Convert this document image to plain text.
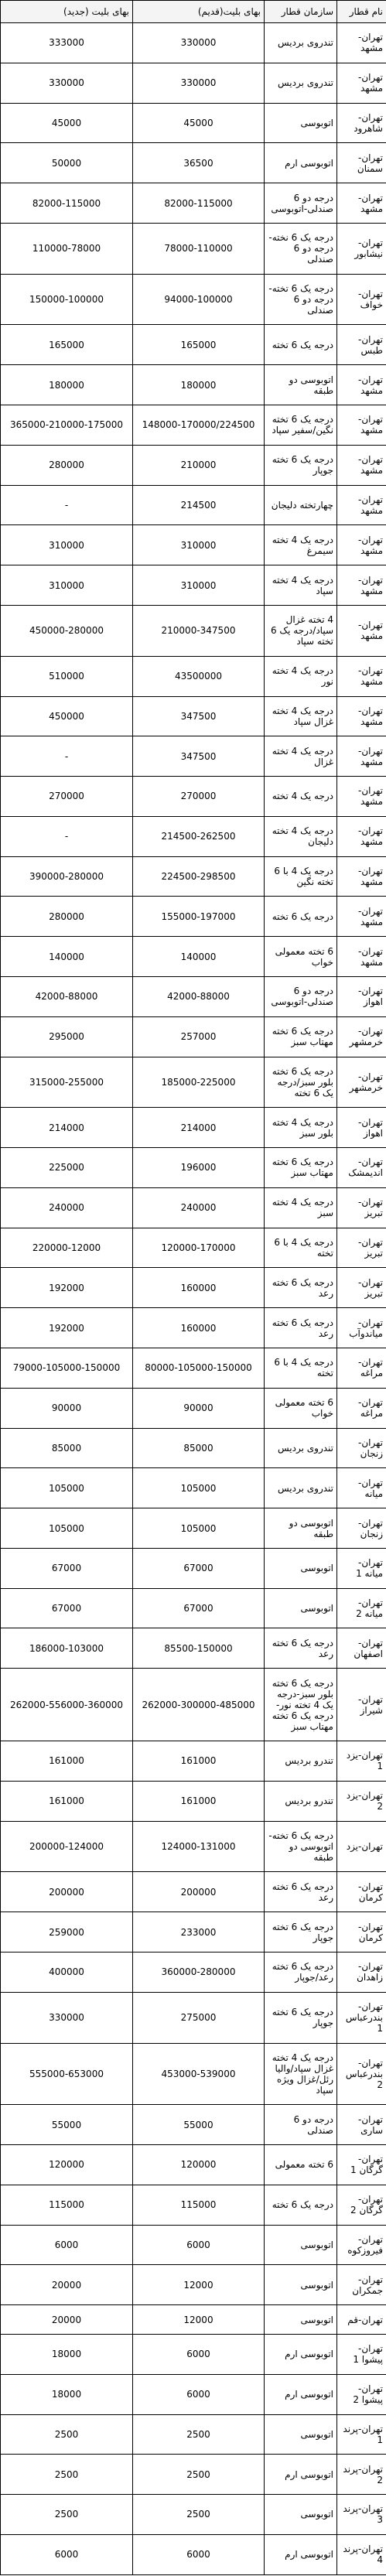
نام قطار	سازمان قطار	بهای بلیت(قدیم)	بهای بلیت (جدید)
تهران-مشهد	تندروی بردیس	330000	333000
تهران-مشهد	تندروی بردیس	330000	330000
تهران-شاهرود	اتوبوسی	45000	45000
تهران-سمنان	اتوبوسی ارم	36500	50000
تهران-مشهد	درجه دو 6 صندلی-اتوبوسی	82000-115000	82000-115000
تهران-نیشابور	درجه یک 6 نخته-درجه دو 6 صندلی	78000-110000	110000-78000
تهران-خواف	درجه یک 6 تخته-درجه دو 6 صندلی	94000-100000	150000-100000
تهران-طبس	درجه یک 6 تخته	165000	165000
تهران-مشهد	اتوبوسی دو طبقه	180000	180000
تهران-مشهد	درجه یک 6 تخته نگین/سفیر سپاد	148000-170000/224500	365000-210000-175000
تهران-مشهد	درجه یک 6 تخته جوپار	210000	280000
تهران-مشهد	چهارتخته دلیجان	214500	-
تهران-مشهد	درجه یک 4 تخته سیمرغ	310000	310000
تهران-مشهد	درجه یک 4 تخته سپاد	310000	310000
تهران-مشهد	4 تخته غزال سپاد/درجه یک 6 تخته سپاد	210000-347500	450000-280000
تهران-مشهد	درجه یک 4 تخته نور	43500000	510000
تهران-مشهد	درجه یک 4 تخته غزال سپاد	347500	450000
تهران-مشهد	درجه یک 4 تخته غزال	347500	-
تهران-مشهد	درجه یک 4 تخته	270000	270000
تهران-مشهد	درجه یک 4 تخته دلیجان	214500-262500	-
تهران-مشهد	درجه یک 4 با 6 تخته نگین	224500-298500	390000-280000
تهران-مشهد	درجه یک 6 تخته	155000-197000	280000
تهران-مشهد	6 تخته معمولی خواب	140000	140000
تهران-اهواز	درجه دو 6 صندلی-اتوبوسی	42000-88000	42000-88000
تهران-خرمشهر	درجه یک 6 تخته مهتاب سبز	257000	295000
تهران-خرمشهر	درجه یک 6 تخته بلور سبز/درجه یک 6 تخته	185000-225000	315000-255000
تهران-اهواز	درجه یک 4 تخته بلور سبز	214000	214000
تهران-اندیمشک	درجه یک 6 تخته مهتاب سبز	196000	225000
تهران-تبریز	درجه یک 4 تخته سبز	240000	240000
تهران-تبریز	درجه یک 4 با 6 تخته	120000-170000	220000-12000
تهران-تبریز	درجه یک 6 تخته رعد	160000	192000
تهران-میاندوآب	درجه یک 6 تخته رعد	160000	192000
تهران-مراغه	درجه یک 4 با 6 تخته	80000-105000-150000	79000-105000-150000
تهران-مراغه	6 تخته معمولی خواب	90000	90000
تهران-زنجان	تندروی بردیس	85000	85000
تهران-میانه	تندروی بردیس	105000	105000
تهران-زنجان	اتوبوسی دو طبقه	105000	105000
تهران-میانه 1	اتوبوسی	67000	67000
تهران-میانه 2	اتوبوسی	67000	67000
تهران-اصفهان	درجه یک 6 تخته رعد	85500-150000	186000-103000
تهران-شیراز	درجه یک 6 تخته بلور سبز-درجه یک 4 تخته نور- درجه یک 6 تخته مهتاب سبز	262000-300000-485000	262000-556000-360000
تهران-یزد 1	تندرو بردیس	161000	161000
تهران-یزد 2	تندرو بردیس	161000	161000
تهران-یزد	درجه یک 6 تخته-اتوبوسی دو طبقه	124000-131000	200000-124000
تهران-کرمان	درجه یک 6 تخته رعد	200000	200000
تهران-کرمان	درجه یک 6 تخته جوپار	233000	259000
تهران-زاهدان	درجه یک 6 تخته رعد/جوپار	360000-280000	400000
تهران-بندرعباس 1	درجه یک 6 تخته جوپار	275000	330000
تهران-بندرعباس 2	درجه یک 4 تخته غزال سپاد/والیا رئل/غزال ویژه سپاد	453000-539000	555000-653000
تهران-ساری	درجه دو 6 صندلی	55000	55000
تهران-گرگان 1	6 تخته معمولی	120000	120000
تهران-گرگان 2	درجه یک 6 تخته	115000	115000
تهران-فیروزکوه	اتوبوسی	6000	6000
تهران-جمکران	اتوبوسی	12000	20000
تهران-قم	اتوبوسی	12000	20000
تهران-پیشوا 1	اتوبوسی ارم	6000	18000
تهران-پیشوا 2	اتوبوسی ارم	6000	18000
تهران-پرند 1	اتوبوسی	2500	2500
تهران-پرند 2	اتوبوسی ارم	2500	2500
تهران-پرند 3	اتوبوسی	2500	2500
تهران-پرند 4	اتوبوسی ارم	6000	6000
